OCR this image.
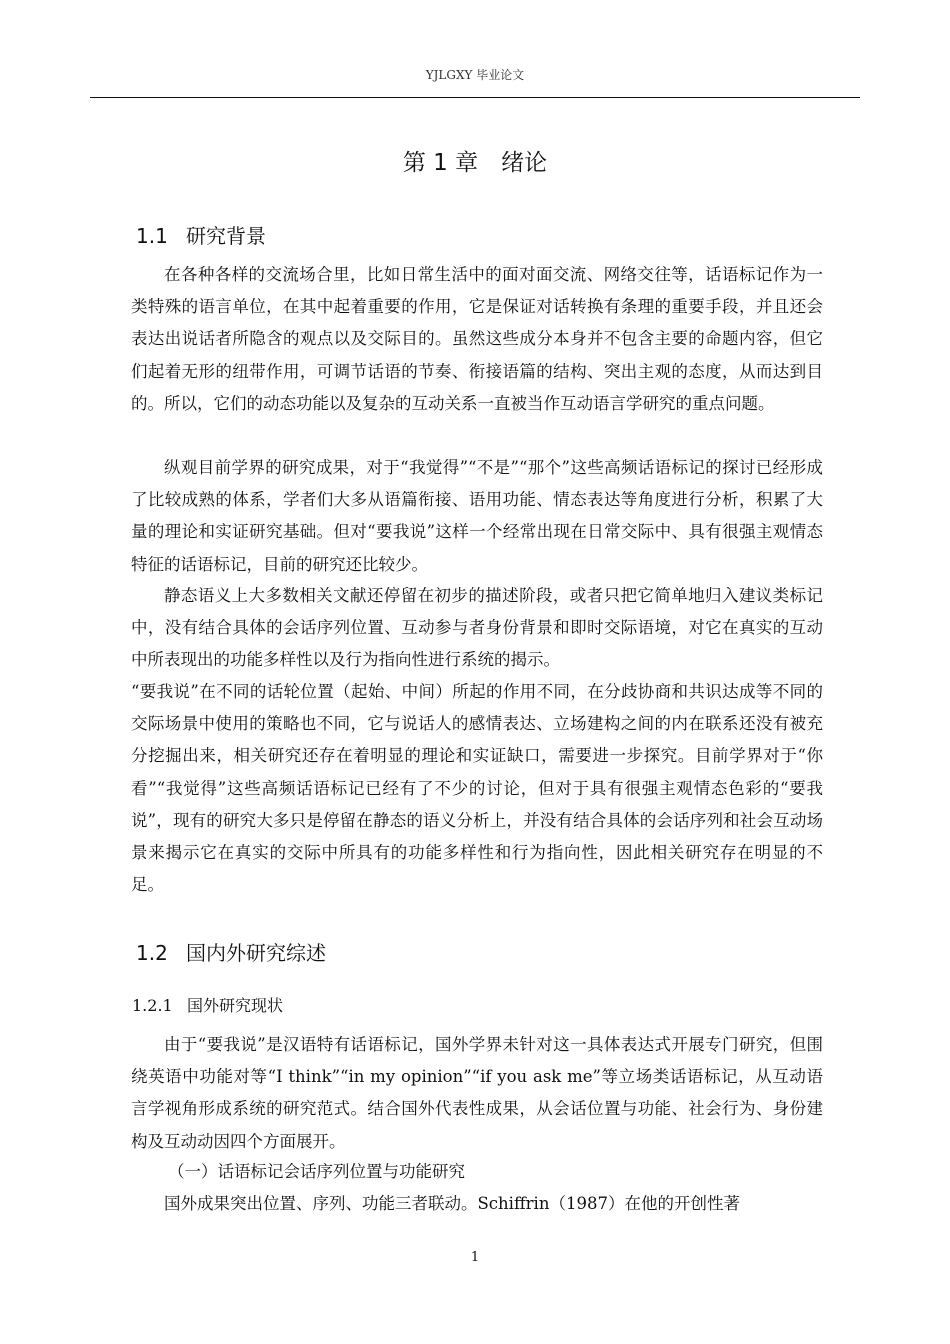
YJLGXY 毕业论文
第 1 章　绪论
1.1 研究背景

在各种各样的交流场合里，比如日常生活中的面对面交流、网络交往等，话语标记作为一类特殊的语言单位，在其中起着重要的作用，它是保证对话转换有条理的重要手段，并且还会表达出说话者所隐含的观点以及交际目的。虽然这些成分本身并不包含主要的命题内容，但它们起着无形的纽带作用，可调节话语的节奏、衔接语篇的结构、突出主观的态度，从而达到目的。所以，它们的动态功能以及复杂的互动关系一直被当作互动语言学研究的重点问题。

纵观目前学界的研究成果，对于“我觉得”“不是”“那个”这些高频话语标记的探讨已经形成了比较成熟的体系，学者们大多从语篇衔接、语用功能、情态表达等角度进行分析，积累了大量的理论和实证研究基础。但对“要我说”这样一个经常出现在日常交际中、具有很强主观情态特征的话语标记，目前的研究还比较少。

静态语义上大多数相关文献还停留在初步的描述阶段，或者只把它简单地归入建议类标记中，没有结合具体的会话序列位置、互动参与者身份背景和即时交际语境，对它在真实的互动中所表现出的功能多样性以及行为指向性进行系统的揭示。

“要我说”在不同的话轮位置（起始、中间）所起的作用不同，在分歧协商和共识达成等不同的交际场景中使用的策略也不同，它与说话人的感情表达、立场建构之间的内在联系还没有被充分挖掘出来，相关研究还存在着明显的理论和实证缺口，需要进一步探究。目前学界对于“你看”“我觉得”这些高频话语标记已经有了不少的讨论，但对于具有很强主观情态色彩的“要我说”，现有的研究大多只是停留在静态的语义分析上，并没有结合具体的会话序列和社会互动场景来揭示它在真实的交际中所具有的功能多样性和行为指向性，因此相关研究存在明显的不足。

1.2 国内外研究综述
1.2.1 国外研究现状

由于“要我说”是汉语特有话语标记，国外学界未针对这一具体表达式开展专门研究，但围绕英语中功能对等“I think”“in my opinion”“if you ask me”等立场类话语标记，从互动语言学视角形成系统的研究范式。结合国外代表性成果，从会话位置与功能、社会行为、身份建构及互动动因四个方面展开。

（一）话语标记会话序列位置与功能研究

国外成果突出位置、序列、功能三者联动。Schiffrin（1987）在他的开创性著

1
